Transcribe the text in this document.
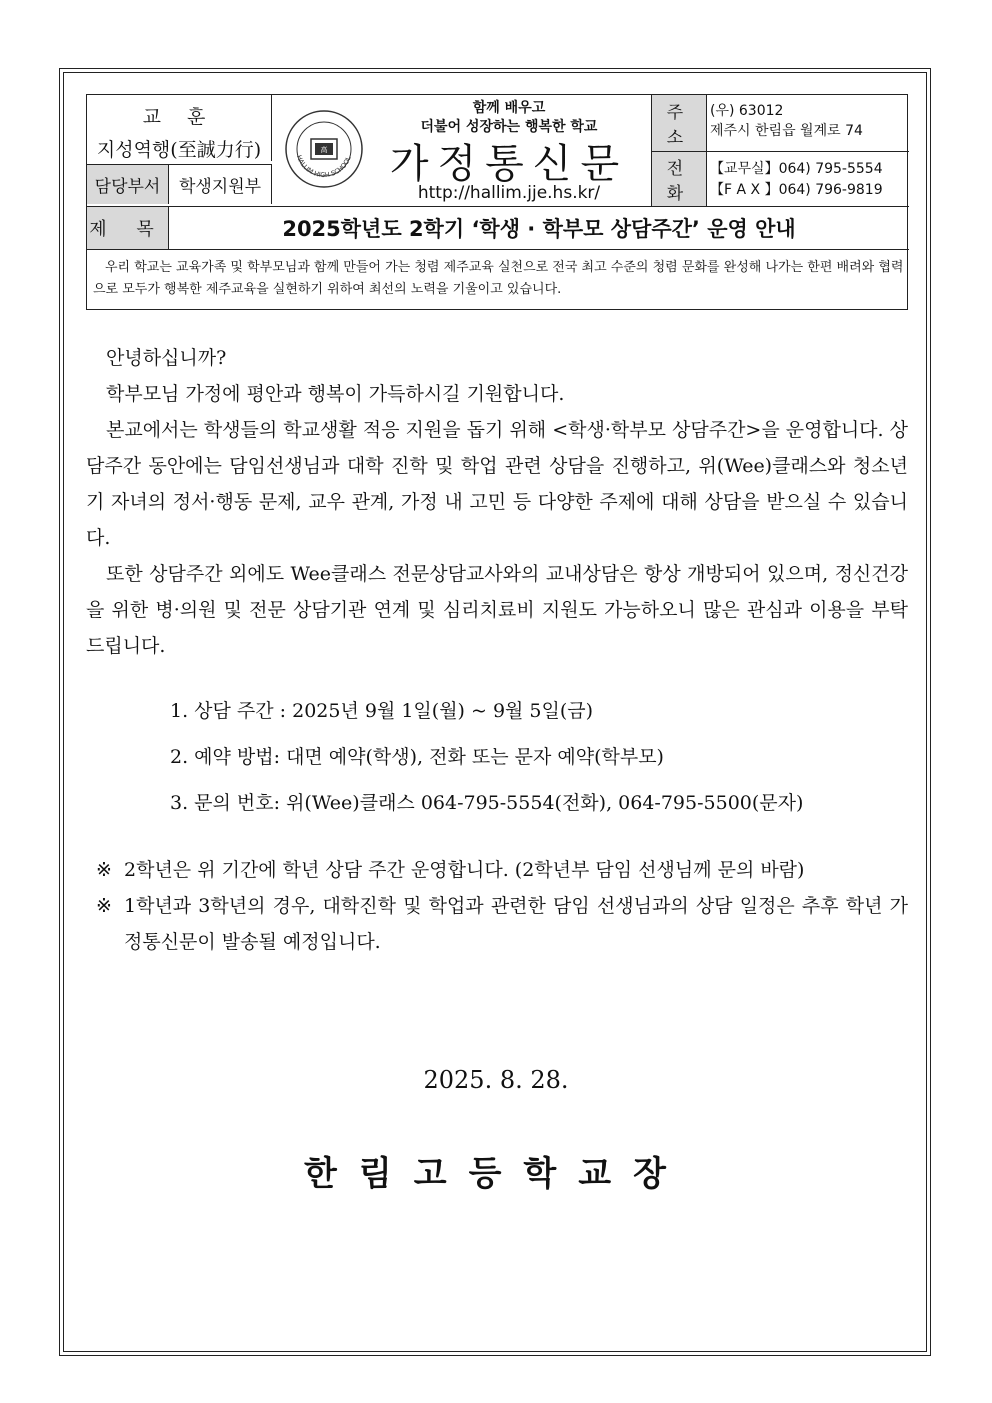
교 훈
지성역행(至誠力行)
담당부서	학생지원부
高
HALLIM HIGH SCHOOL
함께 배우고
더불어 성장하는 행복한 학교
가정통신문
http://hallim.jje.hs.kr/
주 소
(우) 63012
제주시 한림읍 월계로 74
전 화
【교무실】064) 795-5554
【F A X 】064) 796-9819
제 목	2025학년도 2학기 ‘학생 · 학부모 상담주간’ 운영 안내
우리 학교는 교육가족 및 학부모님과 함께 만들어 가는 청렴 제주교육 실천으로 전국 최고 수준의 청렴 문화를 완성해 나가는 한편 배려와 협력으로 모두가 행복한 제주교육을 실현하기 위하여 최선의 노력을 기울이고 있습니다.

안녕하십니까?

학부모님 가정에 평안과 행복이 가득하시길 기원합니다.

본교에서는 학생들의 학교생활 적응 지원을 돕기 위해 <학생·학부모 상담주간>을 운영합니다. 상담주간 동안에는 담임선생님과 대학 진학 및 학업 관련 상담을 진행하고, 위(Wee)클래스와 청소년기 자녀의 정서·행동 문제, 교우 관계, 가정 내 고민 등 다양한 주제에 대해 상담을 받으실 수 있습니다.

또한 상담주간 외에도 Wee클래스 전문상담교사와의 교내상담은 항상 개방되어 있으며, 정신건강을 위한 병·의원 및 전문 상담기관 연계 및 심리치료비 지원도 가능하오니 많은 관심과 이용을 부탁드립니다.

1. 상담 주간 : 2025년 9월 1일(월) ~ 9월 5일(금)
2. 예약 방법: 대면 예약(학생), 전화 또는 문자 예약(학부모)
3. 문의 번호: 위(Wee)클래스 064-795-5554(전화), 064-795-5500(문자)
※ 2학년은 위 기간에 학년 상담 주간 운영합니다. (2학년부 담임 선생님께 문의 바람)
※ 1학년과 3학년의 경우, 대학진학 및 학업과 관련한 담임 선생님과의 상담 일정은 추후 학년 가정통신문이 발송될 예정입니다.
2025. 8. 28.
한림고등학교장
